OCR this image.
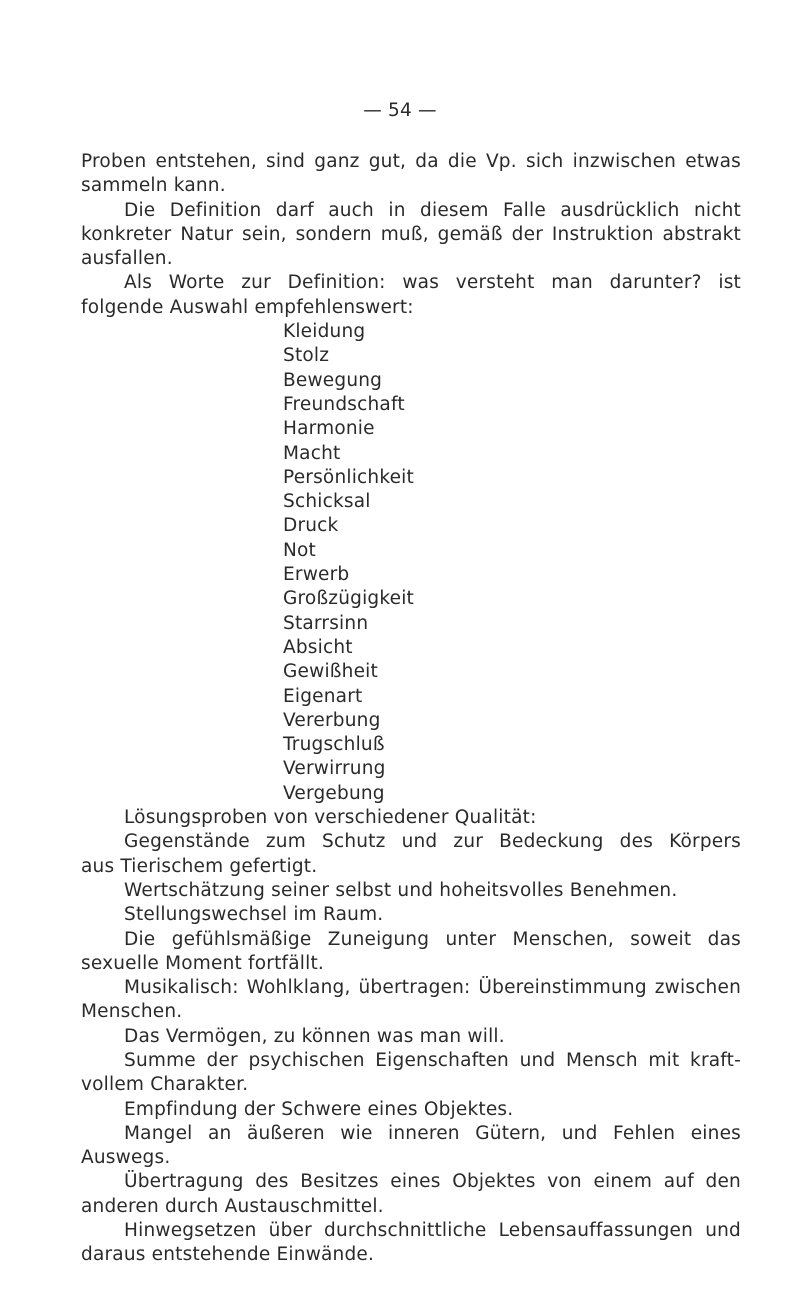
— 54 —
Proben entstehen, sind ganz gut, da die Vp. sich inzwischen etwas
sammeln kann.
Die Definition darf auch in diesem Falle ausdrücklich nicht
konkreter Natur sein, sondern muß, gemäß der Instruktion abstrakt
ausfallen.
Als Worte zur Definition: was versteht man darunter? ist
folgende Auswahl empfehlenswert:
Kleidung
Stolz
Bewegung
Freundschaft
Harmonie
Macht
Persönlichkeit
Schicksal
Druck
Not
Erwerb
Großzügigkeit
Starrsinn
Absicht
Gewißheit
Eigenart
Vererbung
Trugschluß
Verwirrung
Vergebung
Lösungsproben von verschiedener Qualität:
Gegenstände zum Schutz und zur Bedeckung des Körpers
aus Tierischem gefertigt.
Wertschätzung seiner selbst und hoheitsvolles Benehmen.
Stellungswechsel im Raum.
Die gefühlsmäßige Zuneigung unter Menschen, soweit das
sexuelle Moment fortfällt.
Musikalisch: Wohlklang, übertragen: Übereinstimmung zwischen
Menschen.
Das Vermögen, zu können was man will.
Summe der psychischen Eigenschaften und Mensch mit kraft-
vollem Charakter.
Empfindung der Schwere eines Objektes.
Mangel an äußeren wie inneren Gütern, und Fehlen eines
Auswegs.
Übertragung des Besitzes eines Objektes von einem auf den
anderen durch Austauschmittel.
Hinwegsetzen über durchschnittliche Lebensauffassungen und
daraus entstehende Einwände.
